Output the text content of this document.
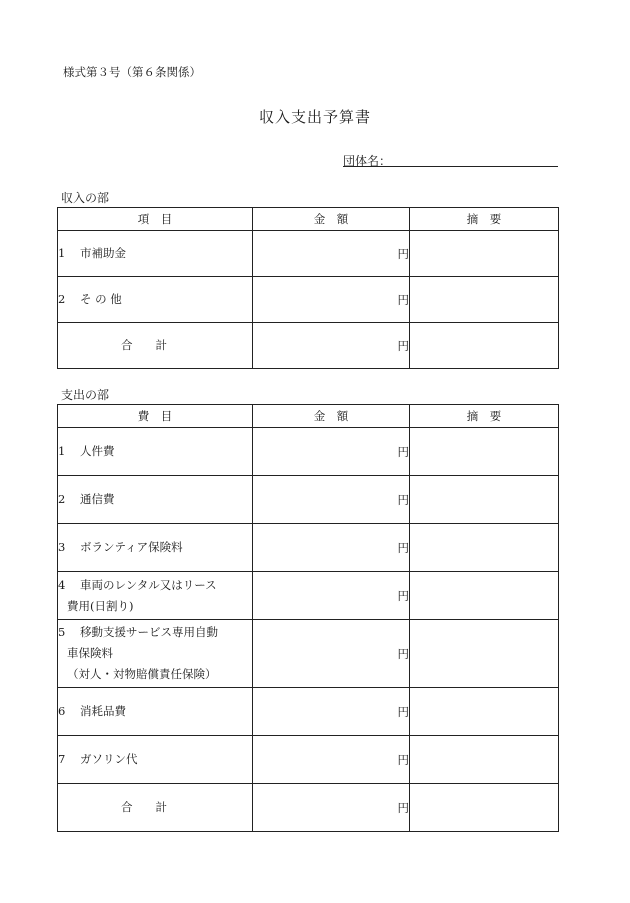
様式第３号（第６条関係）
収入支出予算書
団体名：
収入の部
項　目	金　額	摘　要
1 市補助金	円	
2 そ の 他	円	

合　　計	円	
支出の部
費　目	金　額	摘　要
1 人件費	円	
2 通信費	円	
3 ボランティア保険料	円	
4 車両のレンタル又はリース
費用(日割り)	円	
5 移動支援サービス専用自動
車保険料
（対人・対物賠償責任保険）	円	
6 消耗品費	円	
7 ガソリン代	円	

合　　計	円	
